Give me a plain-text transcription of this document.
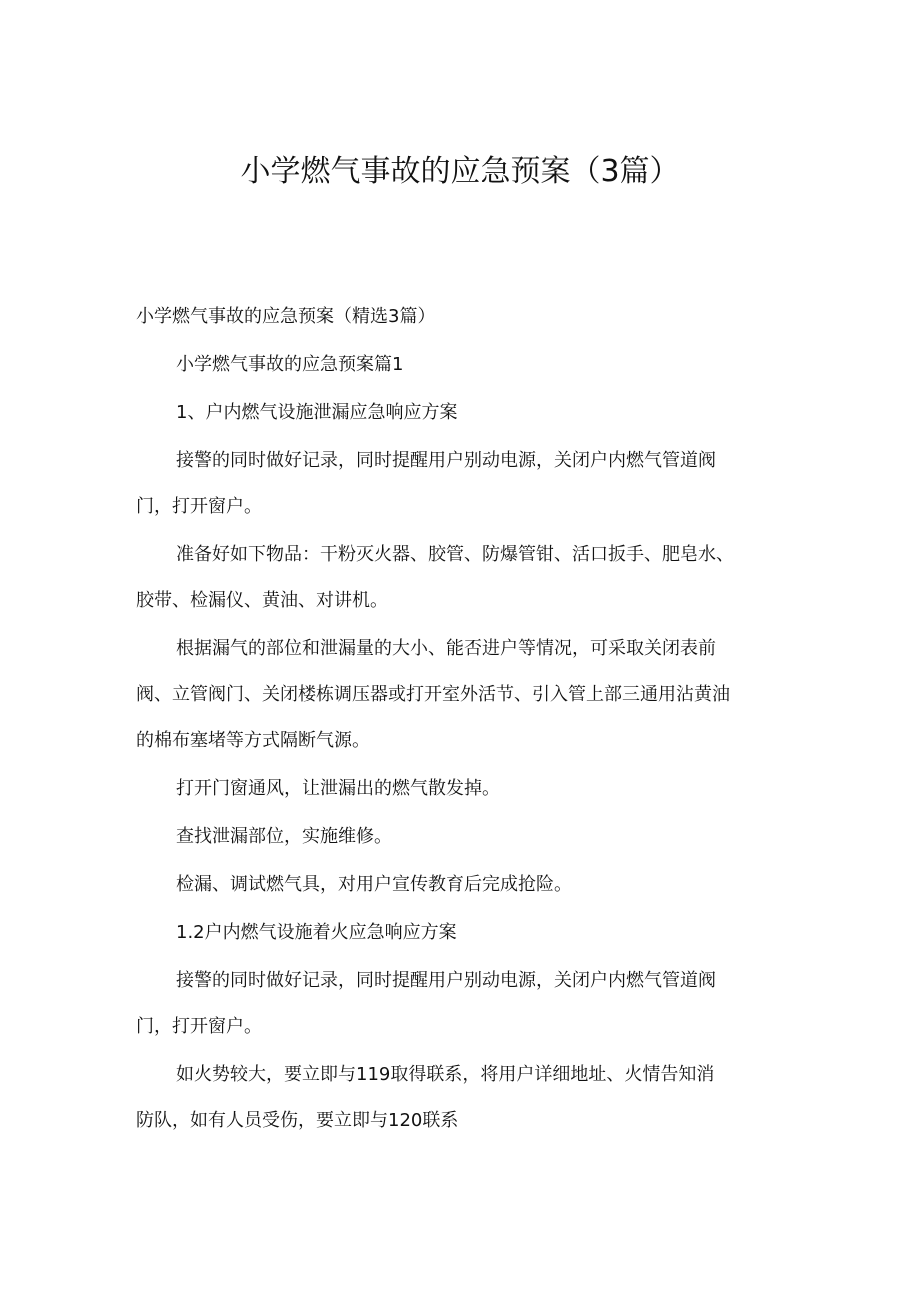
小学燃气事故的应急预案（3篇）

小学燃气事故的应急预案（精选3篇）

小学燃气事故的应急预案篇1

1、户内燃气设施泄漏应急响应方案

接警的同时做好记录，同时提醒用户别动电源，关闭户内燃气管道阀
门，打开窗户。

准备好如下物品：干粉灭火器、胶管、防爆管钳、活口扳手、肥皂水、
胶带、检漏仪、黄油、对讲机。

根据漏气的部位和泄漏量的大小、能否进户等情况，可采取关闭表前
阀、立管阀门、关闭楼栋调压器或打开室外活节、引入管上部三通用沾黄油
的棉布塞堵等方式隔断气源。

打开门窗通风，让泄漏出的燃气散发掉。

查找泄漏部位，实施维修。

检漏、调试燃气具，对用户宣传教育后完成抢险。

1.2户内燃气设施着火应急响应方案

接警的同时做好记录，同时提醒用户别动电源，关闭户内燃气管道阀
门，打开窗户。

如火势较大，要立即与119取得联系，将用户详细地址、火情告知消
防队，如有人员受伤，要立即与120联系
